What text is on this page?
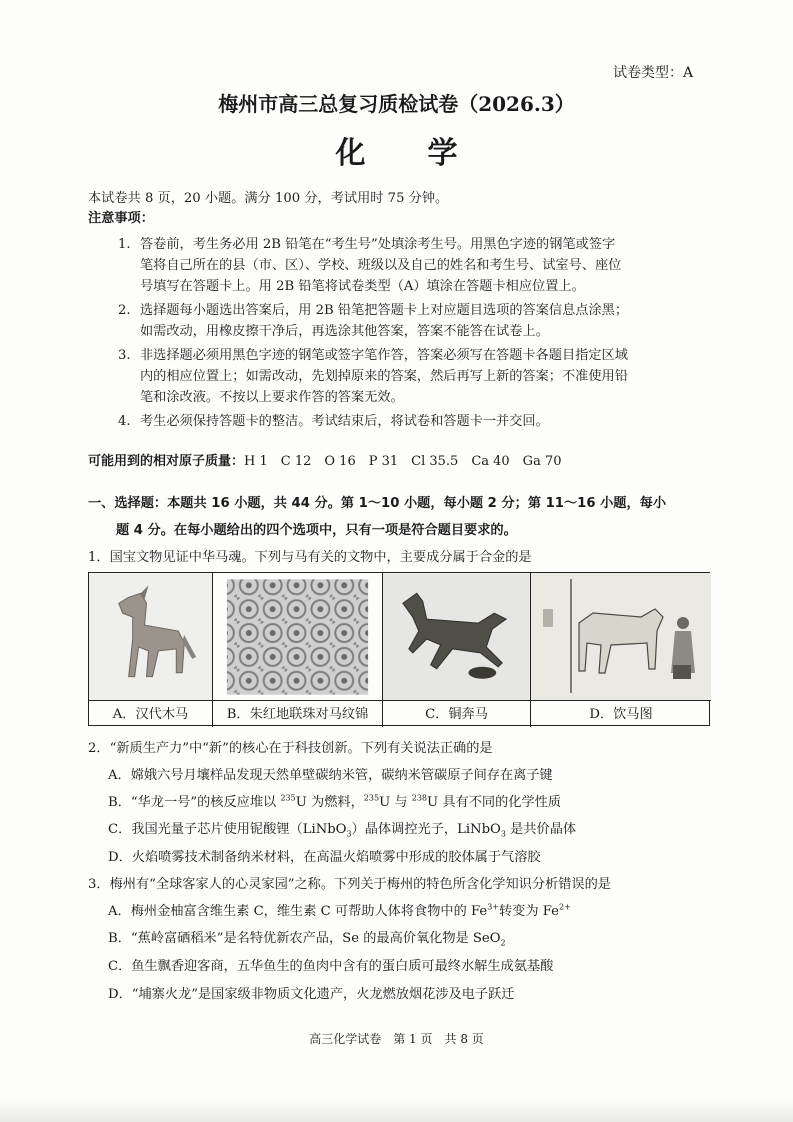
试卷类型：A
梅州市高三总复习质检试卷（2026.3）
化学
本试卷共 8 页，20 小题。满分 100 分，考试用时 75 分钟。
注意事项：
1. 答卷前，考生务必用 2B 铅笔在“考生号”处填涂考生号。用黑色字迹的钢笔或签字
笔将自己所在的县（市、区）、学校、班级以及自己的姓名和考生号、试室号、座位
号填写在答题卡上。用 2B 铅笔将试卷类型（A）填涂在答题卡相应位置上。
2. 选择题每小题选出答案后，用 2B 铅笔把答题卡上对应题目选项的答案信息点涂黑；
如需改动，用橡皮擦干净后，再选涂其他答案，答案不能答在试卷上。
3. 非选择题必须用黑色字迹的钢笔或签字笔作答，答案必须写在答题卡各题目指定区域
内的相应位置上；如需改动，先划掉原来的答案，然后再写上新的答案；不准使用铅
笔和涂改液。不按以上要求作答的答案无效。
4. 考生必须保持答题卡的整洁。考试结束后，将试卷和答题卡一并交回。
可能用到的相对原子质量：H 1　C 12　O 16　P 31　Cl 35.5　Ca 40　Ga 70
一、选择题：本题共 16 小题，共 44 分。第 1～10 小题，每小题 2 分；第 11～16 小题，每小
题 4 分。在每小题给出的四个选项中，只有一项是符合题目要求的。
1．国宝文物见证中华马魂。下列与马有关的文物中，主要成分属于合金的是
A．汉代木马	B．朱红地联珠对马纹锦	C．铜奔马	D．饮马图
2．“新质生产力”中“新”的核心在于科技创新。下列有关说法正确的是
A．嫦娥六号月壤样品发现天然单壁碳纳米管，碳纳米管碳原子间存在离子键
B．“华龙一号”的核反应堆以 $^{235}$U 为燃料，$^{235}$U 与 $^{238}$U 具有不同的化学性质
C．我国光量子芯片使用铌酸锂（LiNbO$_3$）晶体调控光子，LiNbO$_3$ 是共价晶体
D．火焰喷雾技术制备纳米材料，在高温火焰喷雾中形成的胶体属于气溶胶
3．梅州有“全球客家人的心灵家园”之称。下列关于梅州的特色所含化学知识分析错误的是
A．梅州金柚富含维生素 C，维生素 C 可帮助人体将食物中的 $Fe^{3+}$转变为 $Fe^{2+}$
B．“蕉岭富硒稻米”是名特优新农产品，Se 的最高价氧化物是 SeO$_2$
C．鱼生飘香迎客商，五华鱼生的鱼肉中含有的蛋白质可最终水解生成氨基酸
D．“埔寨火龙”是国家级非物质文化遗产，火龙燃放烟花涉及电子跃迁
高三化学试卷　第 1 页　共 8 页
